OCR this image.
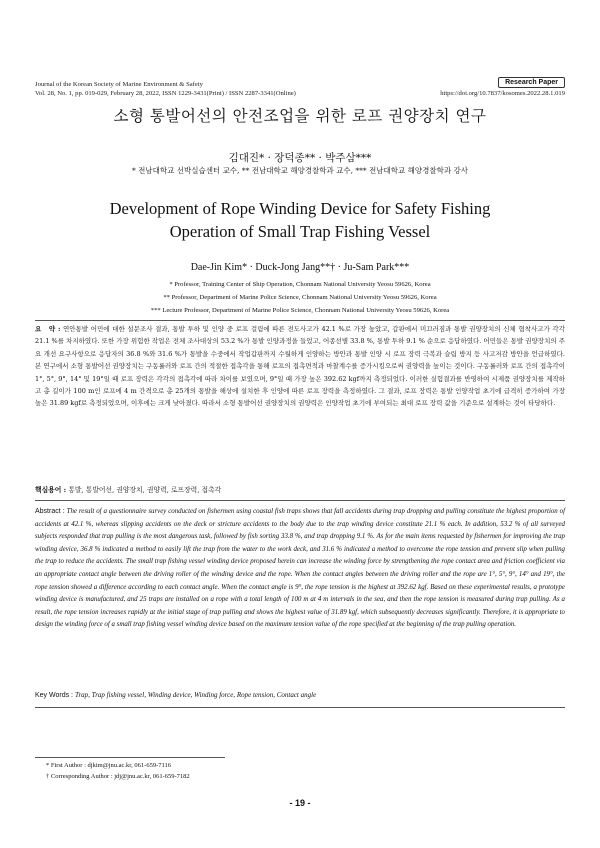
Journal of the Korean Society of Marine Environment & Safety
Vol. 28, No. 1, pp. 019-029, February 28, 2022, ISSN 1229-3431(Print) / ISSN 2287-3341(Online)
Research Paper
https://doi.org/10.7837/kosomes.2022.28.1.019
소형 통발어선의 안전조업을 위한 로프 권양장치 연구
김대진* · 장덕종** · 박주삼***
* 전남대학교 선박실습센터 교수, ** 전남대학교 해양경찰학과 교수, *** 전남대학교 해양경찰학과 강사
Development of Rope Winding Device for Safety Fishing
Operation of Small Trap Fishing Vessel
Dae-Jin Kim* · Duck-Jong Jang**† · Ju-Sam Park***
* Professor, Training Center of Ship Operation, Chonnam National University Yeosu 59626, Korea
** Professor, Department of Marine Police Science, Chonnam National University Yeosu 59626, Korea
*** Lecture Professor, Department of Marine Police Science, Chonnam National University Yeosu 59626, Korea
요　약 : 연안통발 어민에 대한 설문조사 결과, 통발 투하 및 인양 중 로프 걸림에 따른 전도사고가 42.1 %로 가장 높았고, 갑판에서 미끄러짐과 통발 권양장치의 신체 협착사고가 각각 21.1 %를 차지하였다. 또한 가장 위험한 작업은 전체 조사대상의 53.2 %가 통발 인양과정을 들었고, 어종선별 33.8 %, 통발 투하 9.1 % 순으로 응답하였다. 어민들은 통발 권양장치의 주요 개선 요구사항으로 응답자의 36.8 %와 31.6 %가 통발을 수중에서 작업갑판까지 수월하게 인양하는 방안과 통발 인양 시 로프 장력 극복과 슬립 방지 등 사고저감 방안을 언급하였다. 본 연구에서 소형 통발어선 권양장치는 구동롤러와 로프 간의 적절한 접촉각을 통해 로프의 접촉면적과 마찰계수를 증가시킴으로써 권양력을 높이는 것이다. 구동롤러와 로프 간의 접촉각이 1°, 5°, 9°, 14° 및 19°일 때 로프 장력은 각각의 접촉각에 따라 차이를 보였으며, 9°일 때 가장 높은 392.62 kgf까지 측정되었다. 이러한 실험결과를 반영하여 시제품 권양장치를 제작하고 총 길이가 100 m인 로프에 4 m 간격으로 총 25개의 통발을 해상에 설치한 후 인양에 따른 로프 장력을 측정하였다. 그 결과, 로프 장력은 통발 인양작업 초기에 급격히 증가하여 가장 높은 31.89 kgf로 측정되었으며, 이후에는 크게 낮아졌다. 따라서 소형 통발어선 권양장치의 권양력은 인양작업 초기에 부여되는 최대 로프 장력 값을 기준으로 설계하는 것이 타당하다.
핵심용어 : 통발, 통발어선, 권양장치, 권양력, 로프장력, 접촉각
Abstract : The result of a questionnaire survey conducted on fishermen using coastal fish traps shows that fall accidents during trap dropping and pulling constitute the highest proportion of accidents at 42.1 %, whereas slipping accidents on the deck or stricture accidents to the body due to the trap winding device constitute 21.1 % each. In addition, 53.2 % of all surveyed subjects responded that trap pulling is the most dangerous task, followed by fish sorting 33.8 %, and trap dropping 9.1 %. As for the main items requested by fishermen for improving the trap winding device, 36.8 % indicated a method to easily lift the trap from the water to the work deck, and 31.6 % indicated a method to overcome the rope tension and prevent slip when pulling the trap to reduce the accidents. The small trap fishing vessel winding device proposed herein can increase the winding force by strengthening the rope contact area and friction coefficient via an appropriate contact angle between the driving roller of the winding device and the rope. When the contact angles between the driving roller and the rope are 1°, 5°, 9°, 14° and 19°, the rope tension showed a difference according to each contact angle. When the contact angle is 9°, the rope tension is the highest at 392.62 kgf. Based on these experimental results, a prototype winding device is manufactured, and 25 traps are installed on a rope with a total length of 100 m at 4 m intervals in the sea, and then the rope tension is measured during trap pulling. As a result, the rope tension increases rapidly at the initial stage of trap pulling and shows the highest value of 31.89 kgf, which subsequently decreases significantly. Therefore, it is appropriate to design the winding force of a small trap fishing vessel winding device based on the maximum tension value of the rope specified at the beginning of the trap pulling operation.
Key Words : Trap, Trap fishing vessel, Winding device, Winding force, Rope tension, Contact angle
* First Author : djkim@jnu.ac.kr, 061-659-7116
† Corresponding Author : jdj@jnu.ac.kr, 061-659-7182
- 19 -
